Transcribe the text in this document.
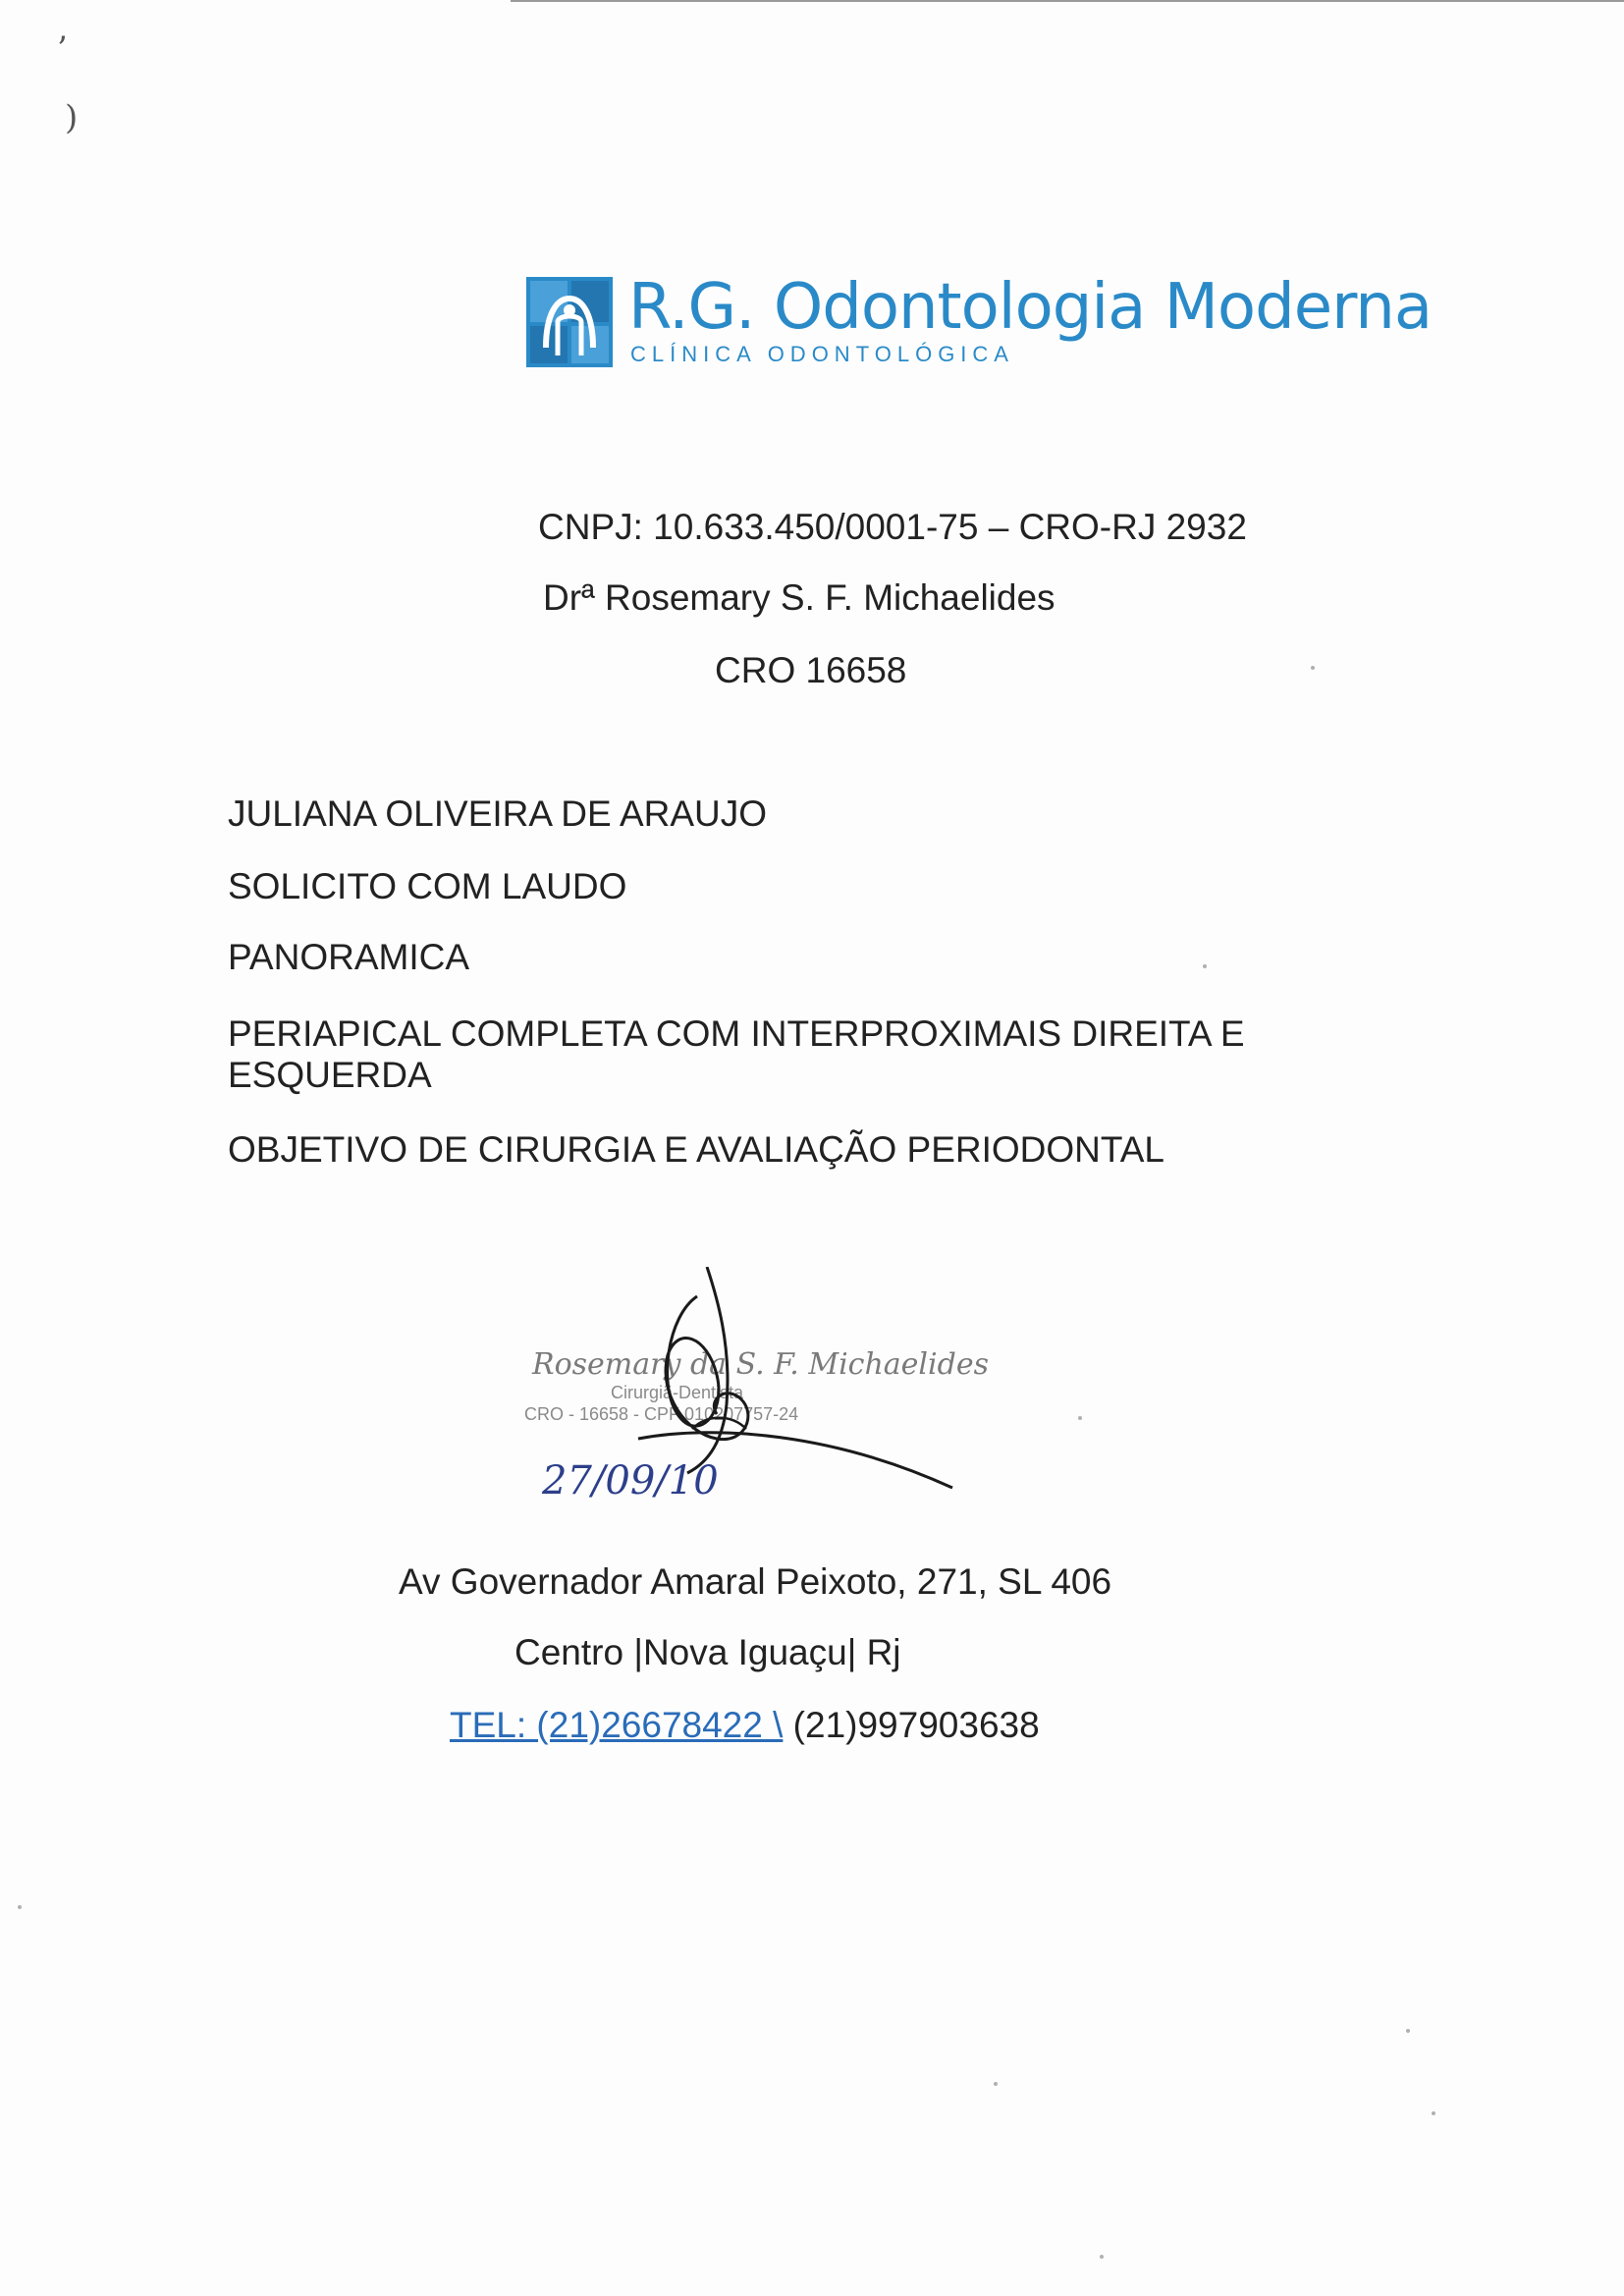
’
)
R.G. Odontologia Moderna
CLÍNICA ODONTOLÓGICA
CNPJ: 10.633.450/0001-75 – CRO-RJ 2932
Drª Rosemary S. F. Michaelides
CRO 16658
JULIANA OLIVEIRA DE ARAUJO
SOLICITO COM LAUDO
PANORAMICA
PERIAPICAL COMPLETA COM INTERPROXIMAIS DIREITA E ESQUERDA
OBJETIVO DE CIRURGIA E AVALIAÇÃO PERIODONTAL
Rosemary da S. F. Michaelides
Cirurgiã-Dentista
CRO - 16658 - CPF 010207757-24
27/09/10
Av Governador Amaral Peixoto, 271, SL 406
Centro |Nova Iguaçu| Rj
TEL: (21)26678422 \ (21)997903638
